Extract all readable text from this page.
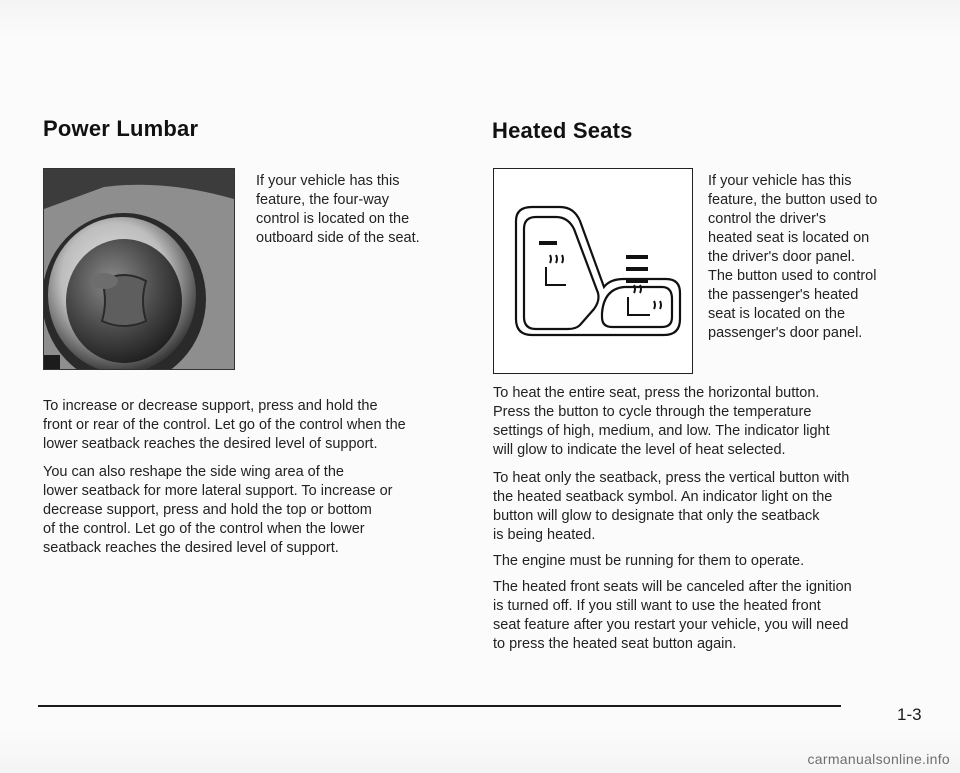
Power Lumbar

If your vehicle has this
feature, the four-way
control is located on the
outboard side of the seat.

To increase or decrease support, press and hold the
front or rear of the control. Let go of the control when the
lower seatback reaches the desired level of support.

You can also reshape the side wing area of the
lower seatback for more lateral support. To increase or
decrease support, press and hold the top or bottom
of the control. Let go of the control when the lower
seatback reaches the desired level of support.

Heated Seats

If your vehicle has this
feature, the button used to
control the driver's
heated seat is located on
the driver's door panel.
The button used to control
the passenger's heated
seat is located on the
passenger's door panel.

To heat the entire seat, press the horizontal button.
Press the button to cycle through the temperature
settings of high, medium, and low. The indicator light
will glow to indicate the level of heat selected.

To heat only the seatback, press the vertical button with
the heated seatback symbol. An indicator light on the
button will glow to designate that only the seatback
is being heated.

The engine must be running for them to operate.

The heated front seats will be canceled after the ignition
is turned off. If you still want to use the heated front
seat feature after you restart your vehicle, you will need
to press the heated seat button again.

1-3
carmanualsonline.info
